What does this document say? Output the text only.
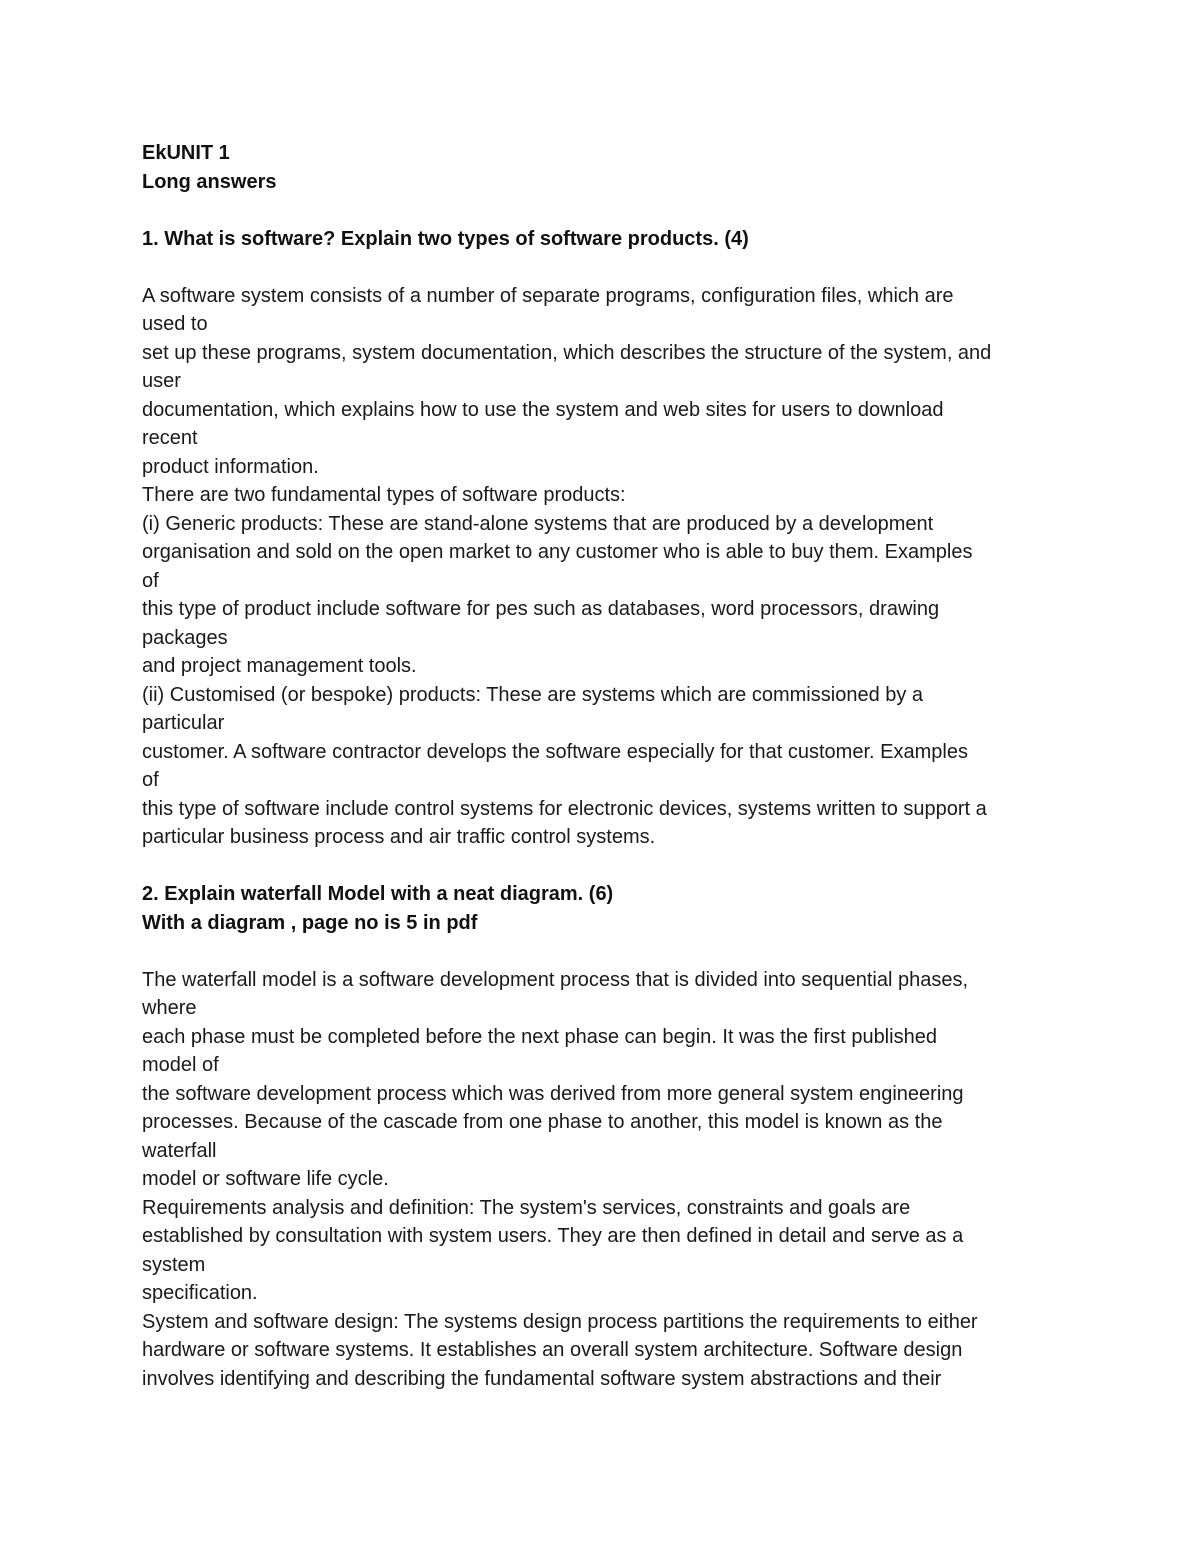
EkUNIT 1
Long answers
1. What is software? Explain two types of software products. (4)
A software system consists of a number of separate programs, configuration files, which are
used to
set up these programs, system documentation, which describes the structure of the system, and
user
documentation, which explains how to use the system and web sites for users to download
recent
product information.
There are two fundamental types of software products:
(i) Generic products: These are stand-alone systems that are produced by a development
organisation and sold on the open market to any customer who is able to buy them. Examples
of
this type of product include software for pes such as databases, word processors, drawing
packages
and project management tools.
(ii) Customised (or bespoke) products: These are systems which are commissioned by a
particular
customer. A software contractor develops the software especially for that customer. Examples
of
this type of software include control systems for electronic devices, systems written to support a
particular business process and air traffic control systems.
2. Explain waterfall Model with a neat diagram. (6)
With a diagram , page no is 5 in pdf
The waterfall model is a software development process that is divided into sequential phases,
where
each phase must be completed before the next phase can begin. It was the first published
model of
the software development process which was derived from more general system engineering
processes. Because of the cascade from one phase to another, this model is known as the
waterfall
model or software life cycle.
Requirements analysis and definition: The system's services, constraints and goals are
established by consultation with system users. They are then defined in detail and serve as a
system
specification.
System and software design: The systems design process partitions the requirements to either
hardware or software systems. It establishes an overall system architecture. Software design
involves identifying and describing the fundamental software system abstractions and their
